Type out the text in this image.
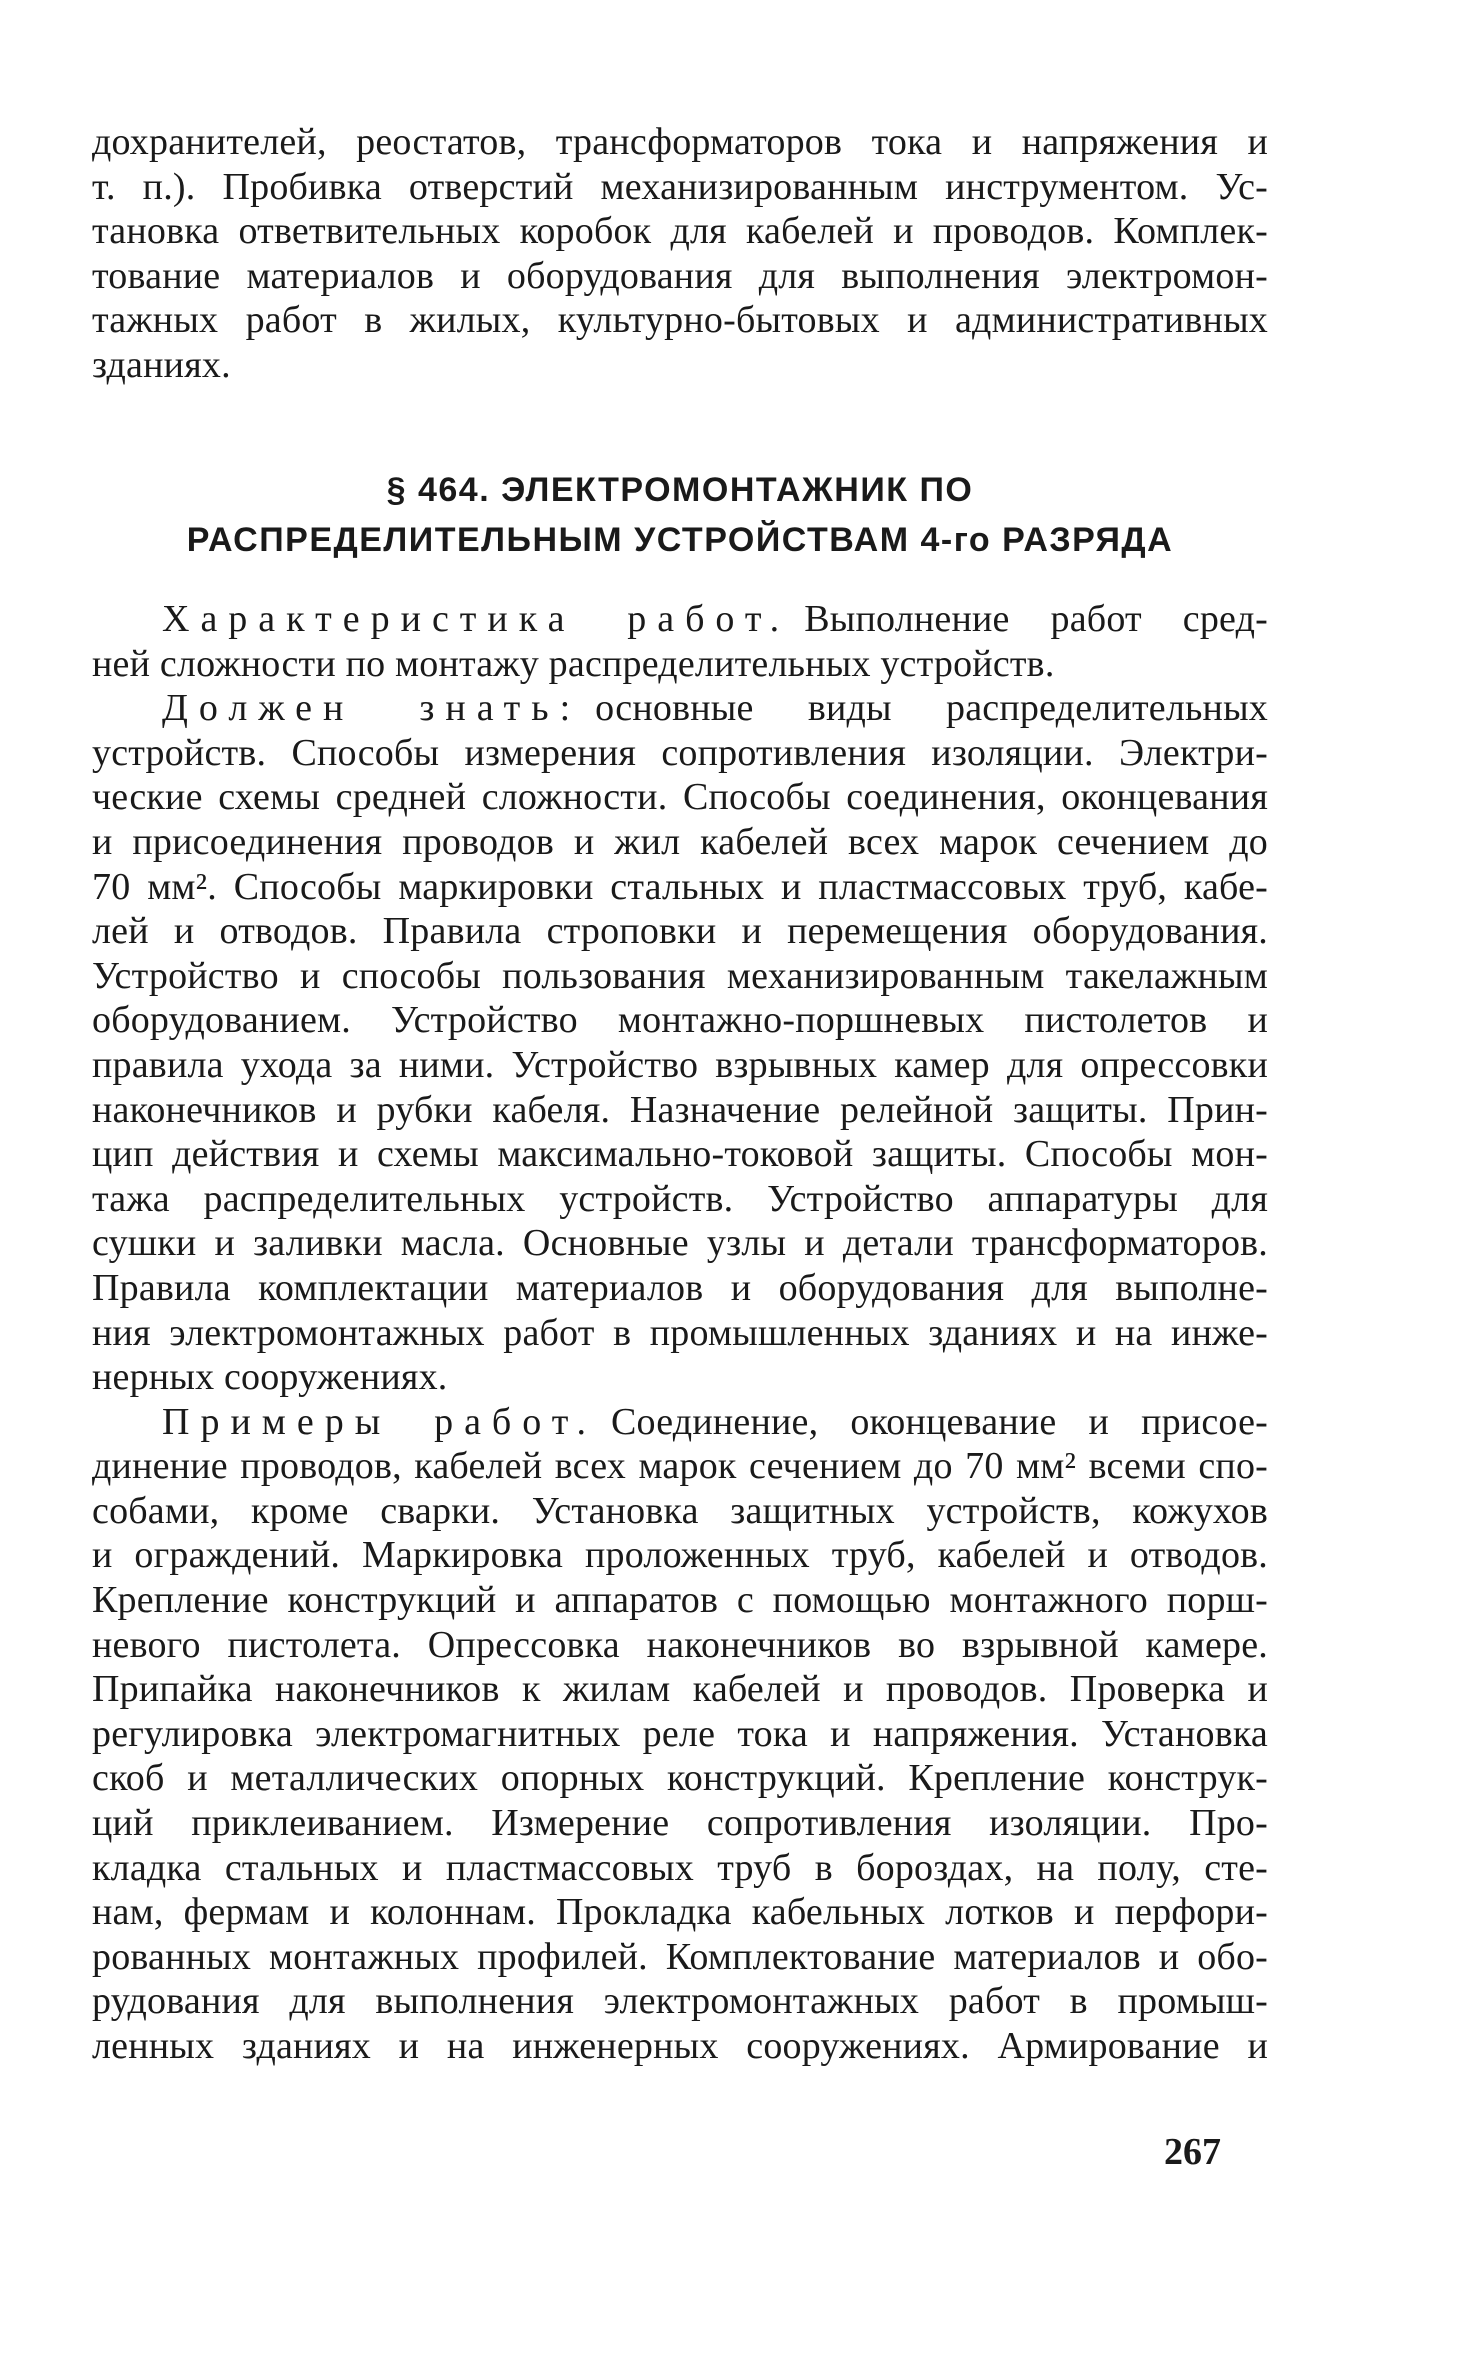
дохранителей, реостатов, трансформаторов тока и напряжения и
т. п.). Пробивка отверстий механизированным инструментом. Ус-
тановка ответвительных коробок для кабелей и проводов. Комплек-
тование материалов и оборудования для выполнения электромон-
тажных работ в жилых, культурно-бытовых и административных
зданиях.
§ 464. ЭЛЕКТРОМОНТАЖНИК ПО
РАСПРЕДЕЛИТЕЛЬНЫМ УСТРОЙСТВАМ 4-го РАЗРЯДА
Характеристика работ. Выполнение работ сред-
ней сложности по монтажу распределительных устройств.
Должен знать: основные виды распределительных
устройств. Способы измерения сопротивления изоляции. Электри-
ческие схемы средней сложности. Способы соединения, оконцевания
и присоединения проводов и жил кабелей всех марок сечением до
70 мм². Способы маркировки стальных и пластмассовых труб, кабе-
лей и отводов. Правила строповки и перемещения оборудования.
Устройство и способы пользования механизированным такелажным
оборудованием. Устройство монтажно-поршневых пистолетов и
правила ухода за ними. Устройство взрывных камер для опрессовки
наконечников и рубки кабеля. Назначение релейной защиты. Прин-
цип действия и схемы максимально-токовой защиты. Способы мон-
тажа распределительных устройств. Устройство аппаратуры для
сушки и заливки масла. Основные узлы и детали трансформаторов.
Правила комплектации материалов и оборудования для выполне-
ния электромонтажных работ в промышленных зданиях и на инже-
нерных сооружениях.
Примеры работ. Соединение, оконцевание и присое-
динение проводов, кабелей всех марок сечением до 70 мм² всеми спо-
собами, кроме сварки. Установка защитных устройств, кожухов
и ограждений. Маркировка проложенных труб, кабелей и отводов.
Крепление конструкций и аппаратов с помощью монтажного порш-
невого пистолета. Опрессовка наконечников во взрывной камере.
Припайка наконечников к жилам кабелей и проводов. Проверка и
регулировка электромагнитных реле тока и напряжения. Установка
скоб и металлических опорных конструкций. Крепление конструк-
ций приклеиванием. Измерение сопротивления изоляции. Про-
кладка стальных и пластмассовых труб в бороздах, на полу, сте-
нам, фермам и колоннам. Прокладка кабельных лотков и перфори-
рованных монтажных профилей. Комплектование материалов и обо-
рудования для выполнения электромонтажных работ в промыш-
ленных зданиях и на инженерных сооружениях. Армирование и
267
